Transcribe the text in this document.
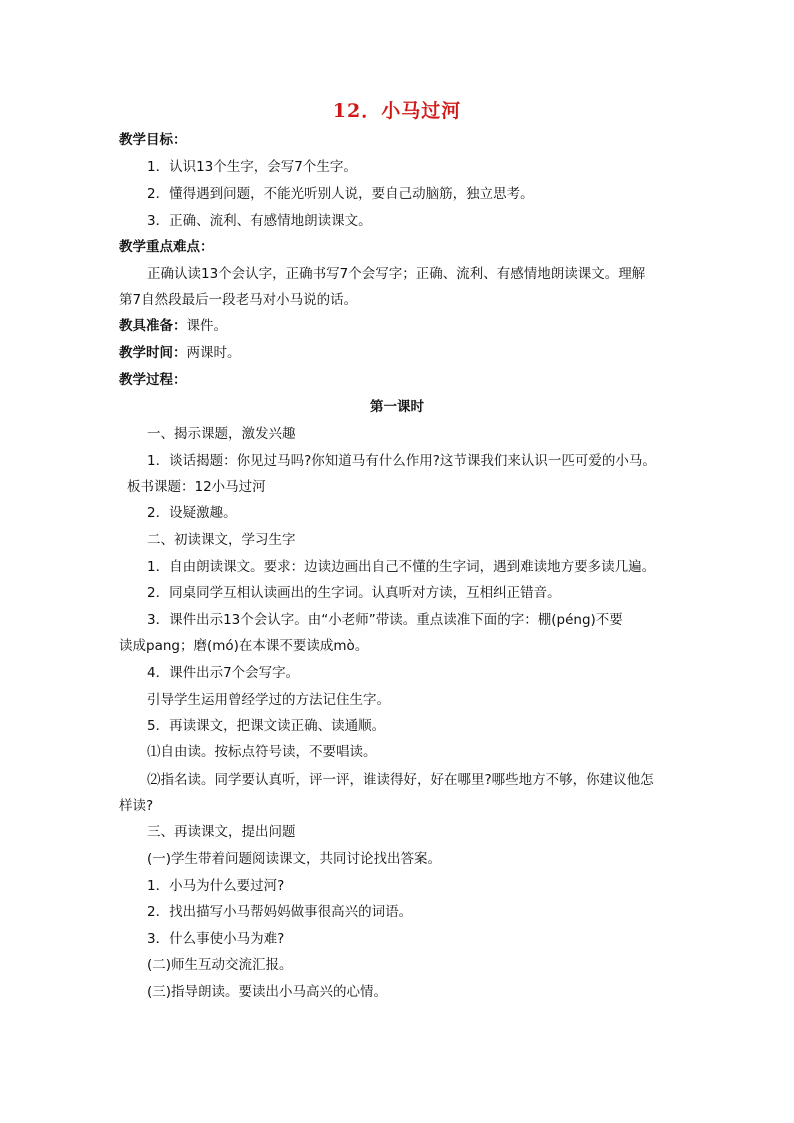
12．小马过河
教学目标：
1．认识13个生字，会写7个生字。
2．懂得遇到问题，不能光听别人说，要自己动脑筋，独立思考。
3．正确、流利、有感情地朗读课文。
教学重点难点：
正确认读13个会认字，正确书写7个会写字；正确、流利、有感情地朗读课文。理解
第7自然段最后一段老马对小马说的话。
教具准备：课件。
教学时间：两课时。
教学过程：
第一课时
一、揭示课题，激发兴趣
1．谈话揭题：你见过马吗?你知道马有什么作用?这节课我们来认识一匹可爱的小马。
板书课题：12小马过河
2．设疑激趣。
二、初读课文，学习生字
1．自由朗读课文。要求：边读边画出自己不懂的生字词，遇到难读地方要多读几遍。
2．同桌同学互相认读画出的生字词。认真听对方读，互相纠正错音。
3．课件出示13个会认字。由“小老师”带读。重点读准下面的字：棚(péng)不要
读成pang；磨(mó)在本课不要读成mò。
4．课件出示7个会写字。
引导学生运用曾经学过的方法记住生字。
5．再读课文，把课文读正确、读通顺。
⑴自由读。按标点符号读，不要唱读。
⑵指名读。同学要认真听，评一评，谁读得好，好在哪里?哪些地方不够，你建议他怎
样读?
三、再读课文，提出问题
(一)学生带着问题阅读课文，共同讨论找出答案。
1．小马为什么要过河?
2．找出描写小马帮妈妈做事很高兴的词语。
3．什么事使小马为难?
(二)师生互动交流汇报。
(三)指导朗读。要读出小马高兴的心情。
